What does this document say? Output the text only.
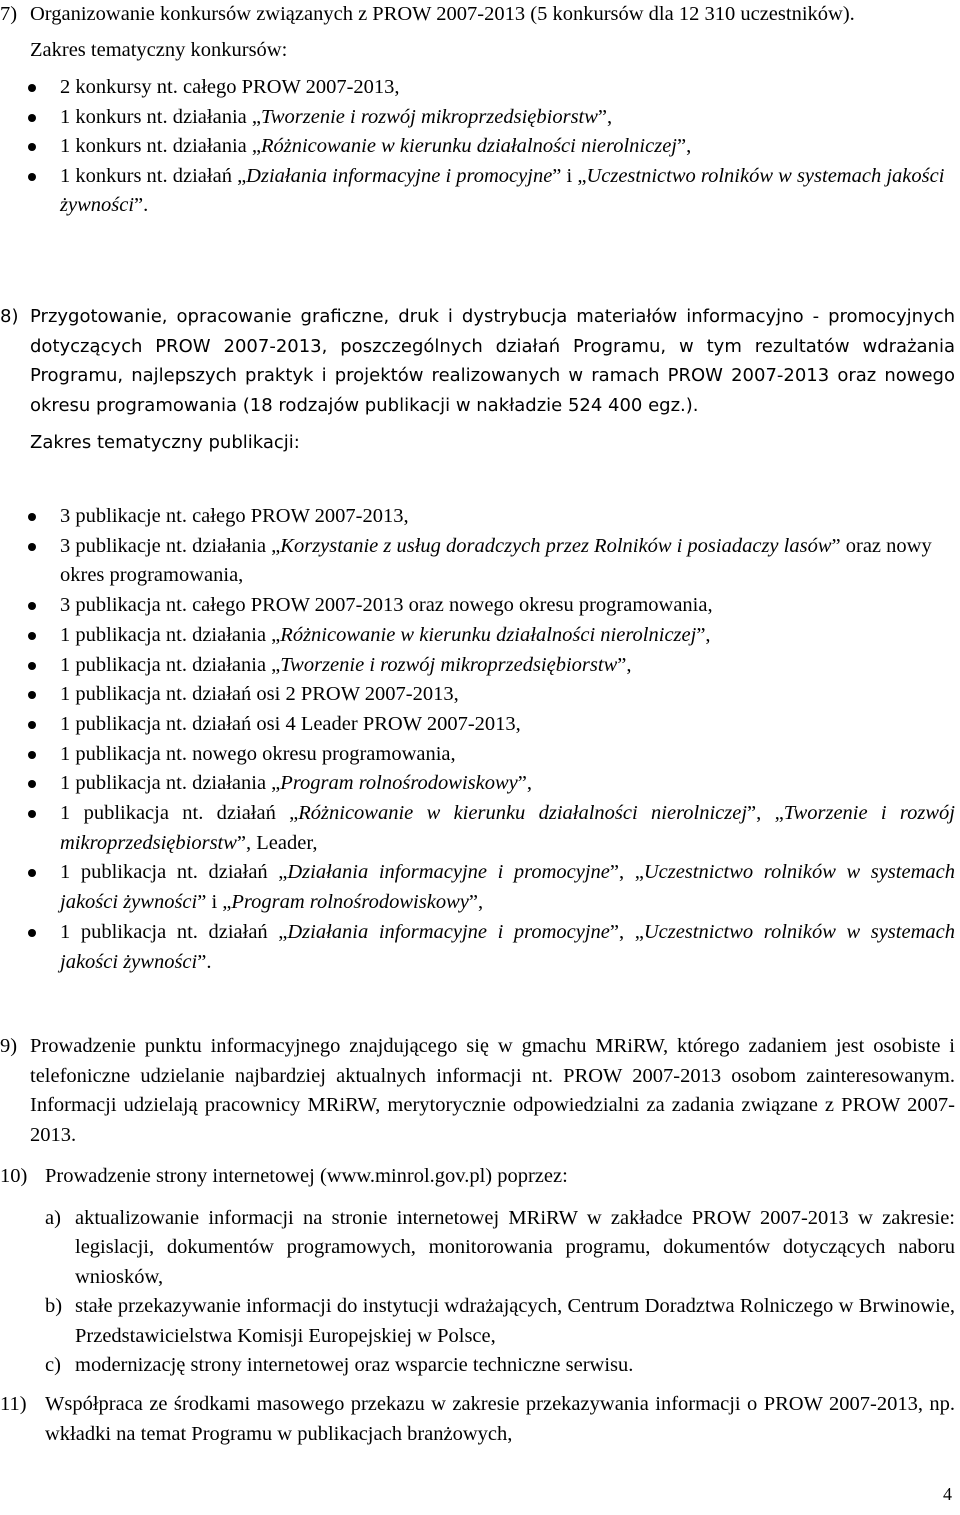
7) Organizowanie konkursów związanych z PROW 2007-2013 (5 konkursów dla 12 310 uczestników).
Zakres tematyczny konkursów:
2 konkursy nt. całego PROW 2007-2013,
1 konkurs nt. działania „Tworzenie i rozwój mikroprzedsiębiorstw”,
1 konkurs nt. działania „Różnicowanie w kierunku działalności nierolniczej”,
1 konkurs nt. działań „Działania informacyjne i promocyjne” i „Uczestnictwo rolników w systemach jakości żywności”.
8) Przygotowanie, opracowanie graficzne, druk i dystrybucja materiałów informacyjno - promocyjnych dotyczących PROW 2007-2013, poszczególnych działań Programu, w tym rezultatów wdrażania Programu, najlepszych praktyk i projektów realizowanych w ramach PROW 2007-2013 oraz nowego okresu programowania (18 rodzajów publikacji w nakładzie 524 400 egz.).
Zakres tematyczny publikacji:
3 publikacje nt. całego PROW 2007-2013,
3 publikacje nt. działania „Korzystanie z usług doradczych przez Rolników i posiadaczy lasów” oraz nowy okres programowania,
3 publikacja nt. całego PROW 2007-2013 oraz nowego okresu programowania,
1 publikacja nt. działania „Różnicowanie w kierunku działalności nierolniczej”,
1 publikacja nt. działania „Tworzenie i rozwój mikroprzedsiębiorstw”,
1 publikacja nt. działań osi 2 PROW 2007-2013,
1 publikacja nt. działań osi 4 Leader PROW 2007-2013,
1 publikacja nt. nowego okresu programowania,
1 publikacja nt. działania „Program rolnośrodowiskowy”,
1 publikacja nt. działań „Różnicowanie w kierunku działalności nierolniczej”, „Tworzenie i rozwój mikroprzedsiębiorstw”, Leader,
1 publikacja nt. działań „Działania informacyjne i promocyjne”, „Uczestnictwo rolników w systemach jakości żywności” i „Program rolnośrodowiskowy”,
1 publikacja nt. działań „Działania informacyjne i promocyjne”, „Uczestnictwo rolników w systemach jakości żywności”.
9) Prowadzenie punktu informacyjnego znajdującego się w gmachu MRiRW, którego zadaniem jest osobiste i telefoniczne udzielanie najbardziej aktualnych informacji nt. PROW 2007-2013 osobom zainteresowanym. Informacji udzielają pracownicy MRiRW, merytorycznie odpowiedzialni za zadania związane z PROW 2007-2013.
10) Prowadzenie strony internetowej (www.minrol.gov.pl) poprzez:
a) aktualizowanie informacji na stronie internetowej MRiRW w zakładce PROW 2007-2013 w zakresie: legislacji, dokumentów programowych, monitorowania programu, dokumentów dotyczących naboru wniosków,
b) stałe przekazywanie informacji do instytucji wdrażających, Centrum Doradztwa Rolniczego w Brwinowie, Przedstawicielstwa Komisji Europejskiej w Polsce,
c) modernizację strony internetowej oraz wsparcie techniczne serwisu.
11) Współpraca ze środkami masowego przekazu w zakresie przekazywania informacji o PROW 2007-2013, np. wkładki na temat Programu w publikacjach branżowych,
4
